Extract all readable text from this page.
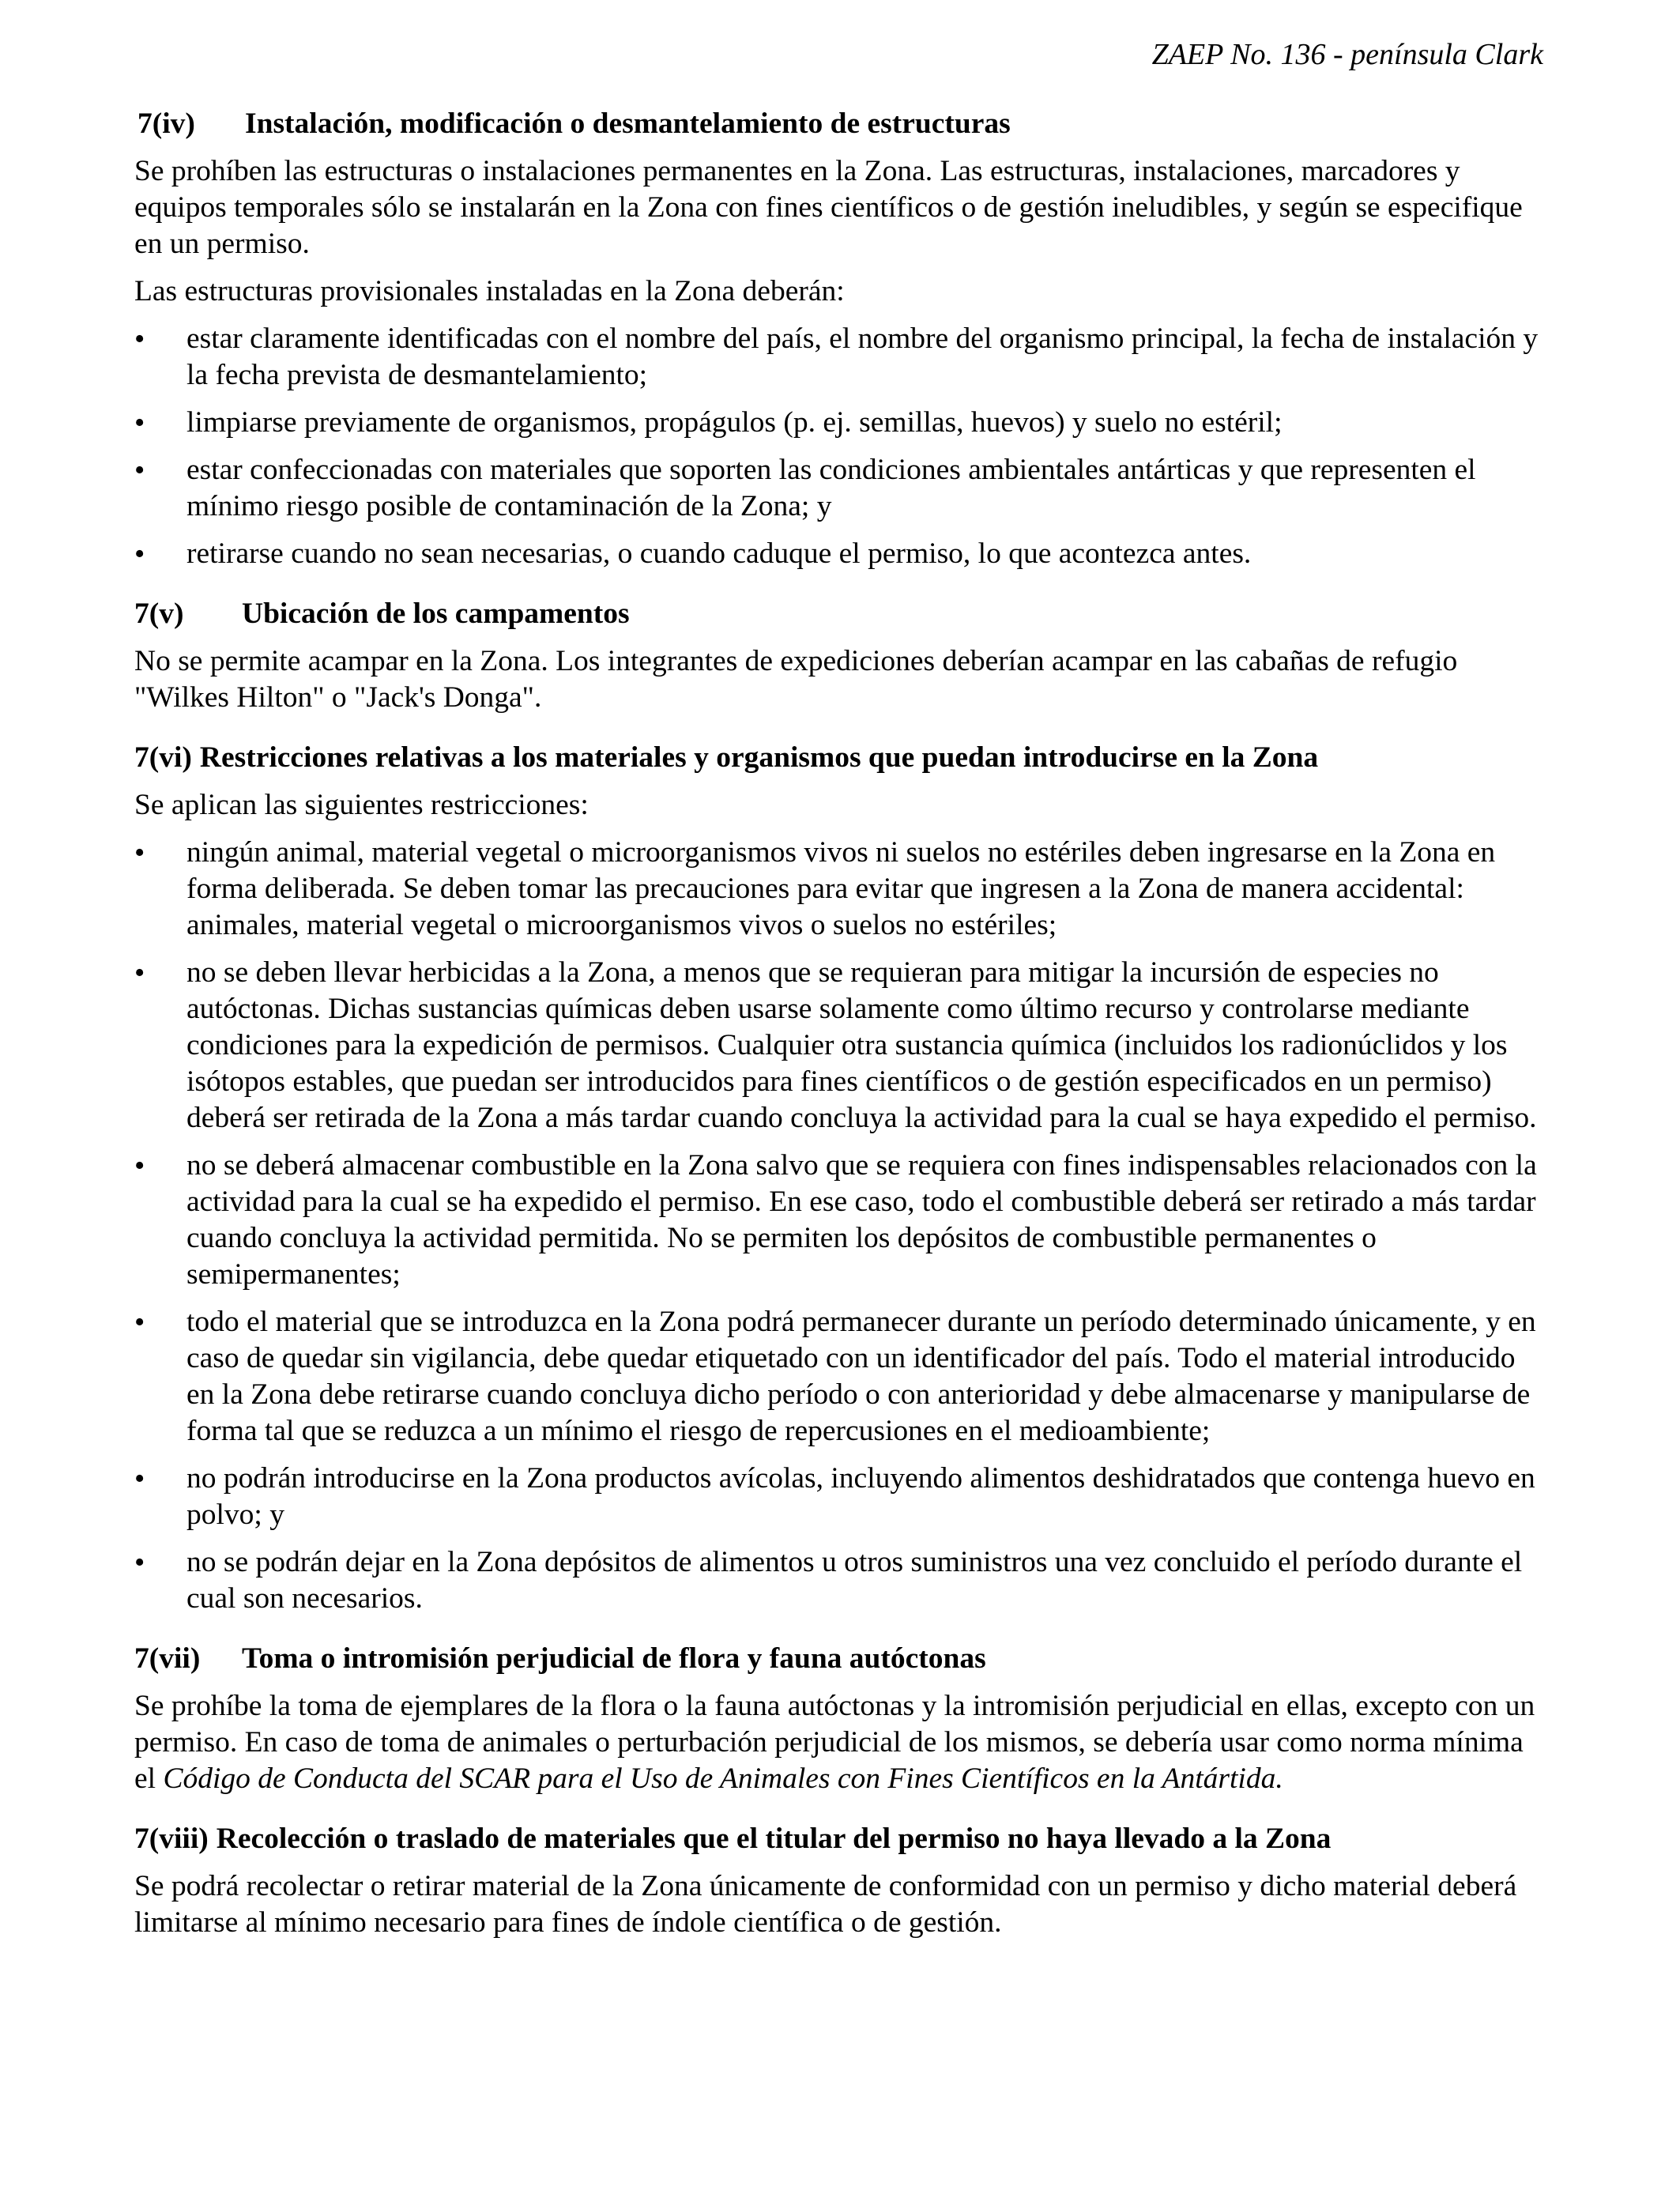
ZAEP No. 136 - península Clark
7(iv)	Instalación, modificación o desmantelamiento de estructuras

Se prohíben las estructuras o instalaciones permanentes en la Zona. Las estructuras, instalaciones, marcadores y equipos temporales sólo se instalarán en la Zona con fines científicos o de gestión ineludibles, y según se especifique en un permiso.

Las estructuras provisionales instaladas en la Zona deberán:

• estar claramente identificadas con el nombre del país, el nombre del organismo principal, la fecha de instalación y la fecha prevista de desmantelamiento;
• limpiarse previamente de organismos, propágulos (p. ej. semillas, huevos) y suelo no estéril;
• estar confeccionadas con materiales que soporten las condiciones ambientales antárticas y que representen el mínimo riesgo posible de contaminación de la Zona; y
• retirarse cuando no sean necesarias, o cuando caduque el permiso, lo que acontezca antes.
7(v)	Ubicación de los campamentos

No se permite acampar en la Zona. Los integrantes de expediciones deberían acampar en las cabañas de refugio "Wilkes Hilton" o "Jack's Donga".

7(vi) Restricciones relativas a los materiales y organismos que puedan introducirse en la Zona

Se aplican las siguientes restricciones:

• ningún animal, material vegetal o microorganismos vivos ni suelos no estériles deben ingresarse en la Zona en forma deliberada. Se deben tomar las precauciones para evitar que ingresen a la Zona de manera accidental: animales, material vegetal o microorganismos vivos o suelos no estériles;
• no se deben llevar herbicidas a la Zona, a menos que se requieran para mitigar la incursión de especies no autóctonas. Dichas sustancias químicas deben usarse solamente como último recurso y controlarse mediante condiciones para la expedición de permisos. Cualquier otra sustancia química (incluidos los radionúclidos y los isótopos estables, que puedan ser introducidos para fines científicos o de gestión especificados en un permiso) deberá ser retirada de la Zona a más tardar cuando concluya la actividad para la cual se haya expedido el permiso.
• no se deberá almacenar combustible en la Zona salvo que se requiera con fines indispensables relacionados con la actividad para la cual se ha expedido el permiso. En ese caso, todo el combustible deberá ser retirado a más tardar cuando concluya la actividad permitida. No se permiten los depósitos de combustible permanentes o semipermanentes;
• todo el material que se introduzca en la Zona podrá permanecer durante un período determinado únicamente, y en caso de quedar sin vigilancia, debe quedar etiquetado con un identificador del país. Todo el material introducido en la Zona debe retirarse cuando concluya dicho período o con anterioridad y debe almacenarse y manipularse de forma tal que se reduzca a un mínimo el riesgo de repercusiones en el medioambiente;
• no podrán introducirse en la Zona productos avícolas, incluyendo alimentos deshidratados que contenga huevo en polvo; y
• no se podrán dejar en la Zona depósitos de alimentos u otros suministros una vez concluido el período durante el cual son necesarios.
7(vii)	Toma o intromisión perjudicial de flora y fauna autóctonas

Se prohíbe la toma de ejemplares de la flora o la fauna autóctonas y la intromisión perjudicial en ellas, excepto con un permiso. En caso de toma de animales o perturbación perjudicial de los mismos, se debería usar como norma mínima el Código de Conducta del SCAR para el Uso de Animales con Fines Científicos en la Antártida.

7(viii) Recolección o traslado de materiales que el titular del permiso no haya llevado a la Zona

Se podrá recolectar o retirar material de la Zona únicamente de conformidad con un permiso y dicho material deberá limitarse al mínimo necesario para fines de índole científica o de gestión.
